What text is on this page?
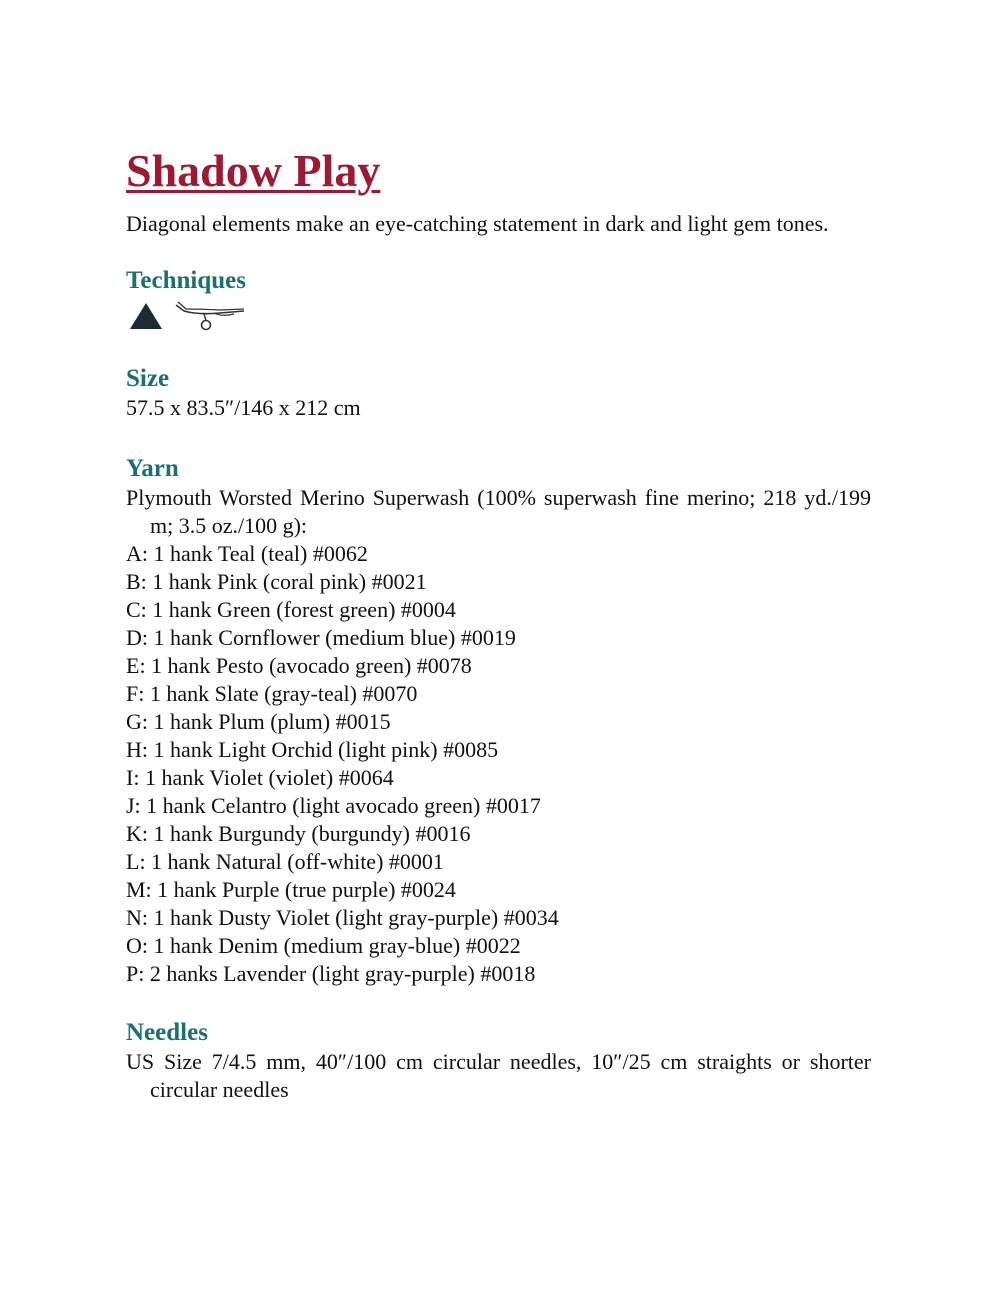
Shadow Play

Diagonal elements make an eye-catching statement in dark and light gem tones.

Techniques
Size

57.5 x 83.5″/146 x 212 cm

Yarn

Plymouth Worsted Merino Superwash (100% superwash fine merino; 218 yd./199 m; 3.5 oz./100 g):

A: 1 hank Teal (teal) #0062
B: 1 hank Pink (coral pink) #0021
C: 1 hank Green (forest green) #0004
D: 1 hank Cornflower (medium blue) #0019
E: 1 hank Pesto (avocado green) #0078
F: 1 hank Slate (gray-teal) #0070
G: 1 hank Plum (plum) #0015
H: 1 hank Light Orchid (light pink) #0085
I: 1 hank Violet (violet) #0064
J: 1 hank Celantro (light avocado green) #0017
K: 1 hank Burgundy (burgundy) #0016
L: 1 hank Natural (off-white) #0001
M: 1 hank Purple (true purple) #0024
N: 1 hank Dusty Violet (light gray-purple) #0034
O: 1 hank Denim (medium gray-blue) #0022
P: 2 hanks Lavender (light gray-purple) #0018
Needles

US Size 7/4.5 mm, 40″/100 cm circular needles, 10″/25 cm straights or shorter circular needles
